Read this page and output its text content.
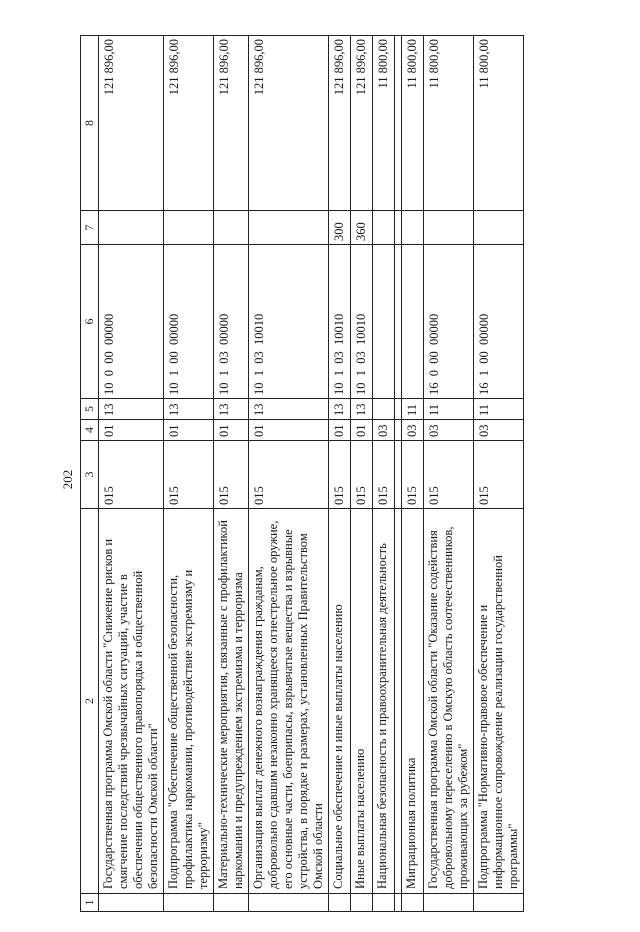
202
1	2	3	4	5	6	7	8
	Государственная программа Омской области "Снижение рисков и смягчение последствий чрезвычайных ситуаций, участие в обеспечении общественного правопорядка и общественной безопасности Омской области"	015	01	13	10  0  00  00000		121 896,00
	Подпрограмма "Обеспечение общественной безопасности, профилактика наркомании, противодействие экстремизму и терроризму"	015	01	13	10  1  00  00000		121 896,00
	Материально-технические мероприятия, связанные с профилактикой наркомании и предупреждением экстремизма и терроризма	015	01	13	10  1  03  00000		121 896,00
	Организация выплат денежного вознаграждения гражданам, добровольно сдавшим незаконно хранящееся огнестрельное оружие, его основные части, боеприпасы, взрывчатые вещества и взрывные устройства, в порядке и размерах, установленных Правительством Омской области	015	01	13	10  1  03  10010		121 896,00
	Социальное обеспечение и иные выплаты населению	015	01	13	10  1  03  10010	300	121 896,00
	Иные выплаты населению	015	01	13	10  1  03  10010	360	121 896,00
	Национальная безопасность и правоохранительная деятельность	015	03				11 800,00

	Миграционная политика	015	03	11			11 800,00
	Государственная программа Омской области "Оказание содействия добровольному переселению в Омскую область соотечественников, проживающих за рубежом"	015	03	11	16  0  00  00000		11 800,00
	Подпрограмма "Нормативно-правовое обеспечение и информационное сопровождение реализации государственной программы"	015	03	11	16  1  00  00000		11 800,00
